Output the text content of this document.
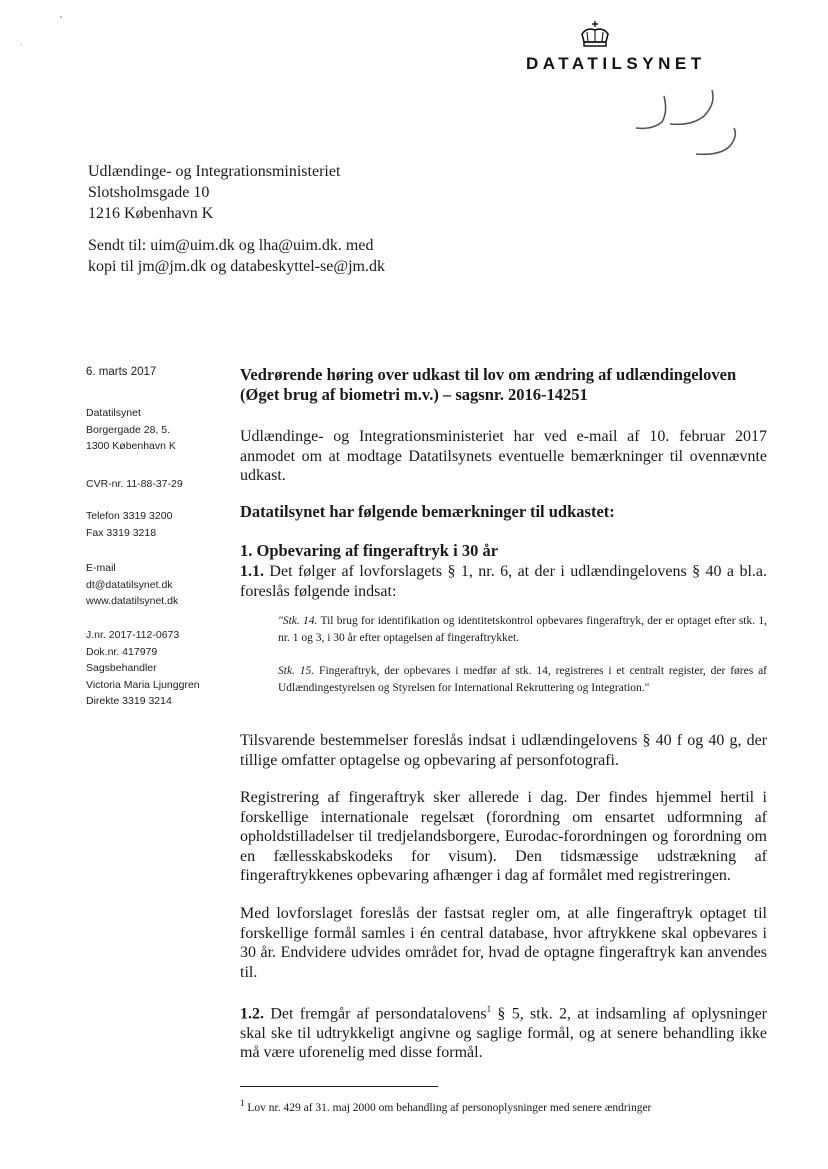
DATATILSYNET
Udlændinge- og Integrationsministeriet
Slotsholmsgade 10
1216 København K
Sendt til: uim@uim.dk og lha@uim.dk. med kopi til jm@jm.dk og databeskyttel-se@jm.dk
6. marts 2017
Datatilsynet
Borgergade 28, 5.
1300 København K
CVR-nr. 11-88-37-29
Telefon 3319 3200
Fax 3319 3218
E-mail
dt@datatilsynet.dk
www.datatilsynet.dk
J.nr. 2017-112-0673
Dok.nr. 417979
Sagsbehandler
Victoria Maria Ljunggren
Direkte 3319 3214
Vedrørende høring over udkast til lov om ændring af udlændingeloven (Øget brug af biometri m.v.) – sagsnr. 2016-14251
Udlændinge- og Integrationsministeriet har ved e-mail af 10. februar 2017 anmodet om at modtage Datatilsynets eventuelle bemærkninger til ovennævnte udkast.
Datatilsynet har følgende bemærkninger til udkastet:
1. Opbevaring af fingeraftryk i 30 år
1.1. Det følger af lovforslagets § 1, nr. 6, at der i udlændingelovens § 40 a bl.a. foreslås følgende indsat:
"Stk. 14. Til brug for identifikation og identitetskontrol opbevares fingeraftryk, der er optaget efter stk. 1, nr. 1 og 3, i 30 år efter optagelsen af fingeraftrykket.
Stk. 15. Fingeraftryk, der opbevares i medfør af stk. 14, registreres i et centralt register, der føres af Udlændingestyrelsen og Styrelsen for International Rekruttering og Integration."
Tilsvarende bestemmelser foreslås indsat i udlændingelovens § 40 f og 40 g, der tillige omfatter optagelse og opbevaring af personfotografi.
Registrering af fingeraftryk sker allerede i dag. Der findes hjemmel hertil i forskellige internationale regelsæt (forordning om ensartet udformning af opholdstilladelser til tredjelandsborgere, Eurodac-forordningen og forordning om en fællesskabskodeks for visum). Den tidsmæssige udstrækning af fingeraftrykkenes opbevaring afhænger i dag af formålet med registreringen.
Med lovforslaget foreslås der fastsat regler om, at alle fingeraftryk optaget til forskellige formål samles i én central database, hvor aftrykkene skal opbevares i 30 år. Endvidere udvides området for, hvad de optagne fingeraftryk kan anvendes til.
1.2. Det fremgår af persondatalovens$^1$ § 5, stk. 2, at indsamling af oplysninger skal ske til udtrykkeligt angivne og saglige formål, og at senere behandling ikke må være uforenelig med disse formål.
$^1$ Lov nr. 429 af 31. maj 2000 om behandling af personoplysninger med senere ændringer
